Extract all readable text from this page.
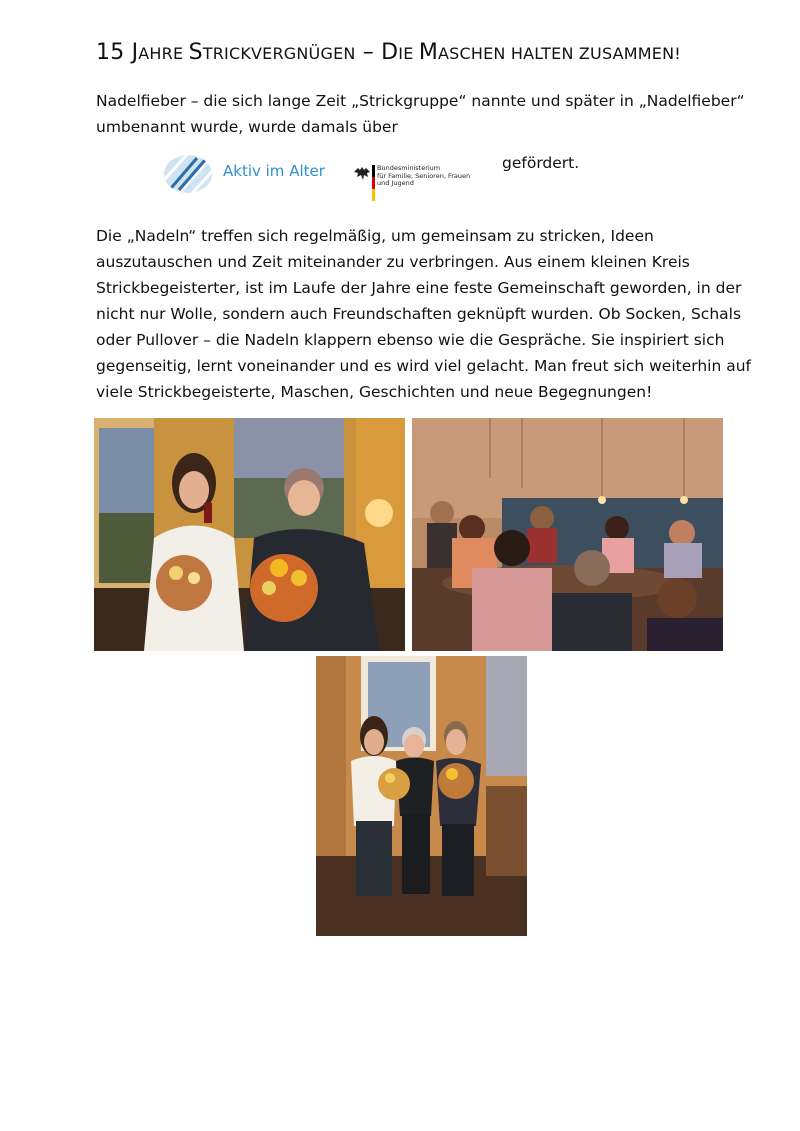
15 JAHRE STRICKVERGNÜGEN – DIE MASCHEN HALTEN ZUSAMMEN!

Nadelfieber – die sich lange Zeit „Strickgruppe“ nannte und später in „Nadelfieber“ umbenannt wurde, wurde damals über

Aktiv im Alter	Bundesministerium
für Familie, Senioren, Frauen
und Jugend

gefördert.

Die „Nadeln“ treffen sich regelmäßig, um gemeinsam zu stricken, Ideen auszutauschen und Zeit miteinander zu verbringen. Aus einem kleinen Kreis Strickbegeisterter, ist im Laufe der Jahre eine feste Gemeinschaft geworden, in der nicht nur Wolle, sondern auch Freundschaften geknüpft wurden. Ob Socken, Schals oder Pullover – die Nadeln klappern ebenso wie die Gespräche. Sie inspiriert sich gegenseitig, lernt voneinander und es wird viel gelacht. Man freut sich weiterhin auf viele Strickbegeisterte, Maschen, Geschichten und neue Begegnungen!
